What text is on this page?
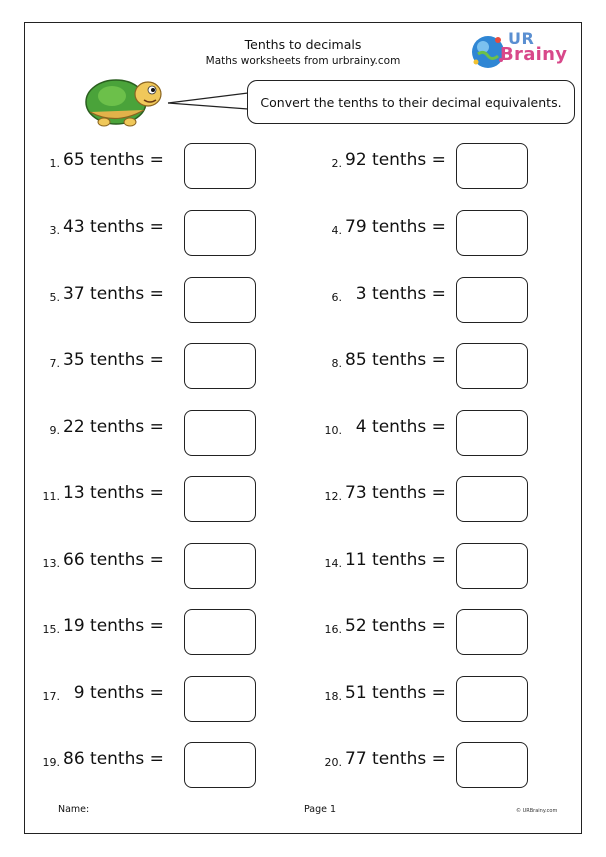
Tenths to decimals
Maths worksheets from urbrainy.com
UR
Brainy
Convert the tenths to their decimal equivalents.
1. 65 tenths =	2. 92 tenths =
3. 43 tenths =	4. 79 tenths =
5. 37 tenths =	6. 3 tenths =
7. 35 tenths =	8. 85 tenths =
9. 22 tenths =	10. 4 tenths =
11. 13 tenths =	12. 73 tenths =
13. 66 tenths =	14. 11 tenths =
15. 19 tenths =	16. 52 tenths =
17. 9 tenths =	18. 51 tenths =
19. 86 tenths =	20. 77 tenths =
Name:	Page 1	© URBrainy.com
